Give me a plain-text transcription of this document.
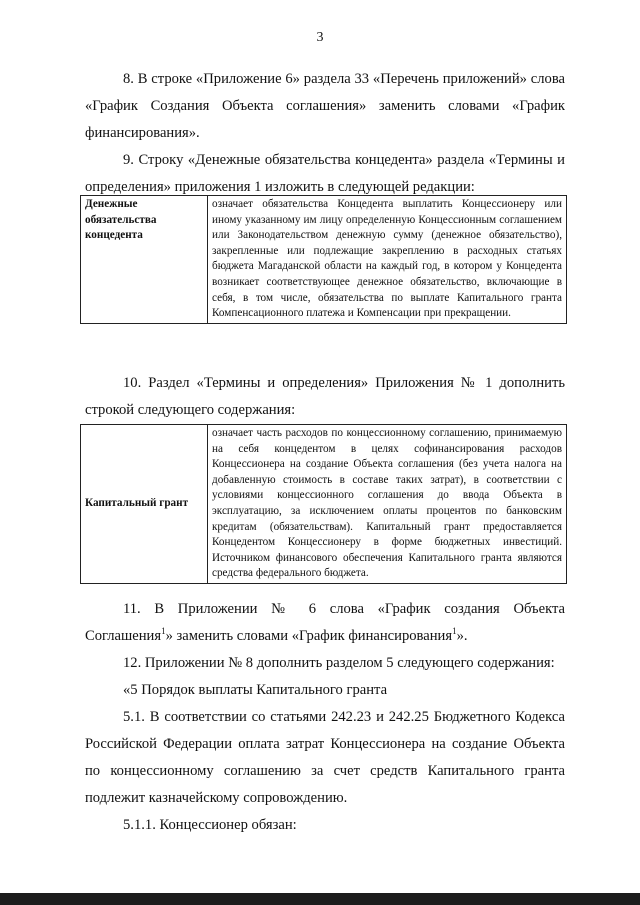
3

8. В строке «Приложение 6» раздела 33 «Перечень приложений» слова «График Создания Объекта соглашения» заменить словами «График финансирования».

9. Строку «Денежные обязательства концедента» раздела «Термины и определения» приложения 1 изложить в следующей редакции:

Денежные обязательства концедента	означает обязательства Концедента выплатить Концессионеру или иному указанному им лицу определенную Концессионным соглашением или Законодательством денежную сумму (денежное обязательство), закрепленные или подлежащие закреплению в расходных статьях бюджета Магаданской области на каждый год, в котором у Концедента возникает соответствующее денежное обязательство, включающие в себя, в том числе, обязательства по выплате Капитального гранта Компенсационного платежа и Компенсации при прекращении.

10. Раздел «Термины и определения» Приложения № 1 дополнить строкой следующего содержания:

Капитальный грант	означает часть расходов по концессионному соглашению, принимаемую на себя концедентом в целях софинансирования расходов Концессионера на создание Объекта соглашения (без учета налога на добавленную стоимость в составе таких затрат), в соответствии с условиями концессионного соглашения до ввода Объекта в эксплуатацию, за исключением оплаты процентов по банковским кредитам (обязательствам). Капитальный грант предоставляется Концедентом Концессионеру в форме бюджетных инвестиций. Источником финансового обеспечения Капитального гранта являются средства федерального бюджета.

11. В Приложении № 6 слова «График создания Объекта Соглашения$^1$» заменить словами «График финансирования$^1$».

12. Приложении № 8 дополнить разделом 5 следующего содержания:

«5 Порядок выплаты Капитального гранта

5.1. В соответствии со статьями 242.23 и 242.25 Бюджетного Кодекса Российской Федерации оплата затрат Концессионера на создание Объекта по концессионному соглашению за счет средств Капитального гранта подлежит казначейскому сопровождению.

5.1.1. Концессионер обязан:
